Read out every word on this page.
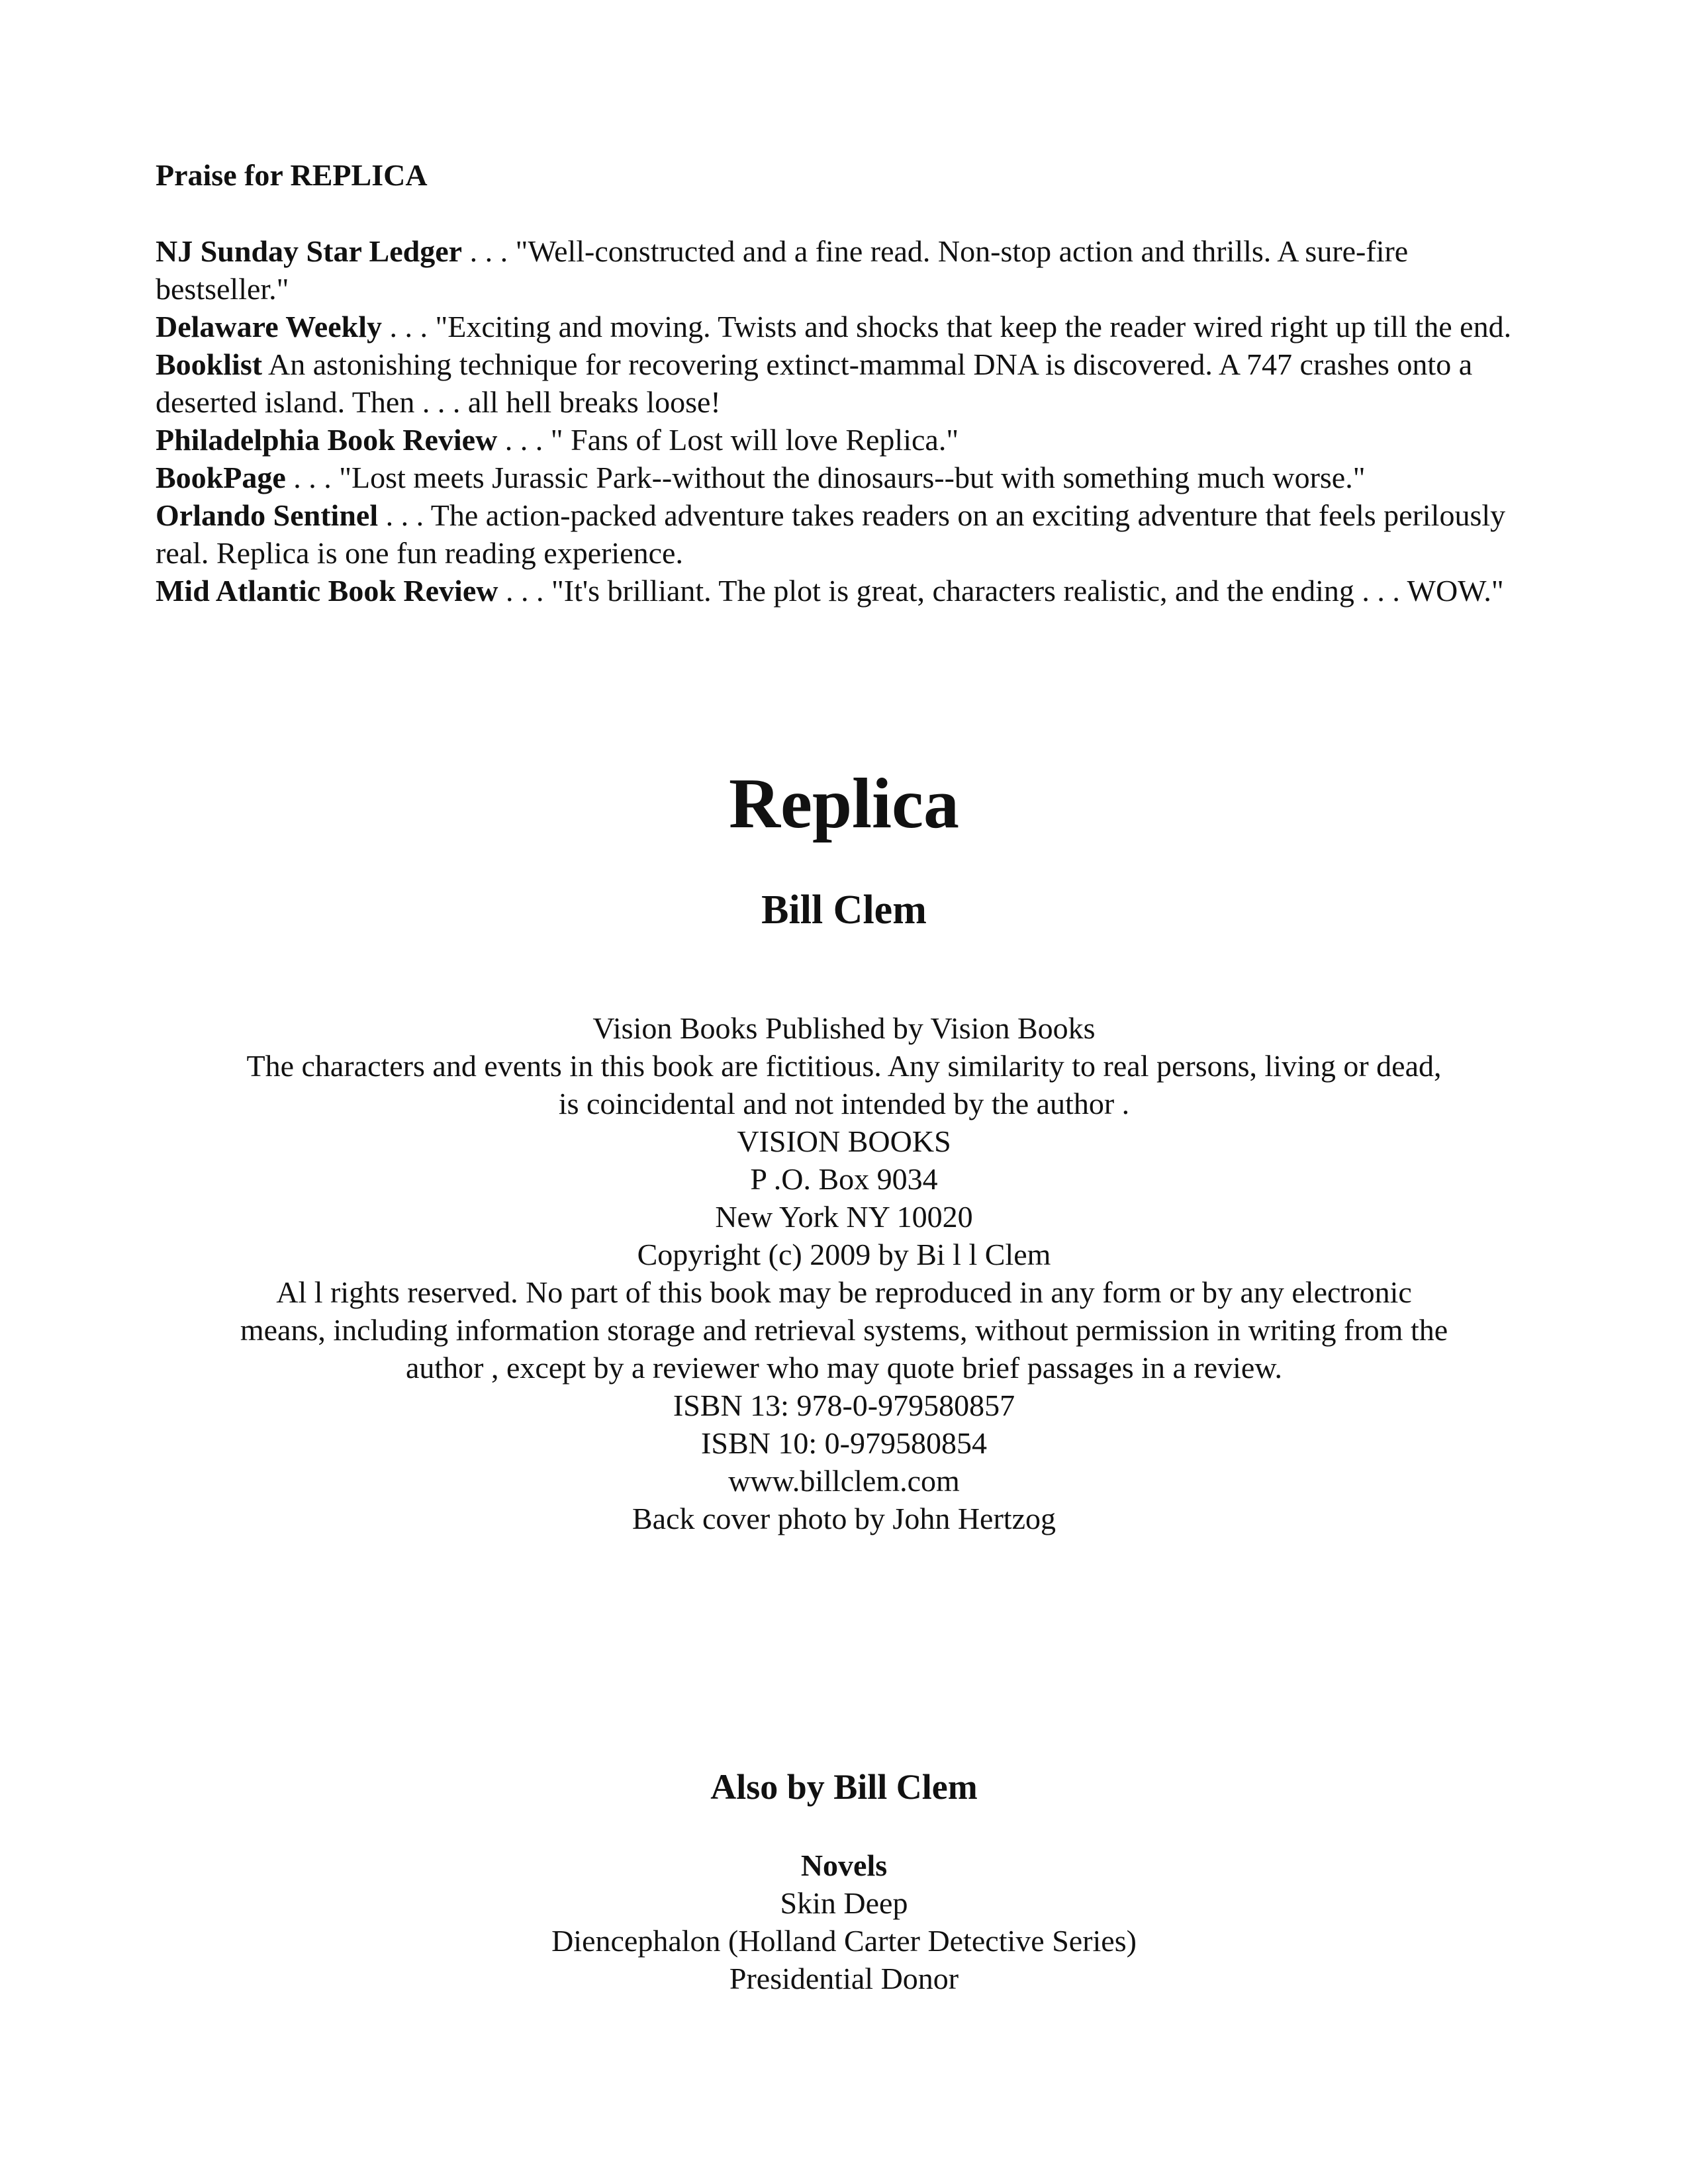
Praise for REPLICA

NJ Sunday Star Ledger . . . "Well-constructed and a fine read. Non-stop action and thrills. A sure-fire bestseller."

Delaware Weekly . . . "Exciting and moving. Twists and shocks that keep the reader wired right up till the end.

Booklist An astonishing technique for recovering extinct-mammal DNA is discovered. A 747 crashes onto a deserted island. Then . . . all hell breaks loose!

Philadelphia Book Review . . . " Fans of Lost will love Replica."

BookPage . . . "Lost meets Jurassic Park--without the dinosaurs--but with something much worse."

Orlando Sentinel . . . The action-packed adventure takes readers on an exciting adventure that feels perilously real. Replica is one fun reading experience.

Mid Atlantic Book Review . . . "It's brilliant. The plot is great, characters realistic, and the ending . . . WOW."

Replica
Bill Clem

Vision Books Published by Vision Books

The characters and events in this book are fictitious. Any similarity to real persons, living or dead, is coincidental and not intended by the author .

VISION BOOKS

P .O. Box 9034

New York NY 10020

Copyright (c) 2009 by Bi l l Clem

Al l rights reserved. No part of this book may be reproduced in any form or by any electronic means, including information storage and retrieval systems, without permission in writing from the author , except by a reviewer who may quote brief passages in a review.

ISBN 13: 978-0-979580857

ISBN 10: 0-979580854

www.billclem.com

Back cover photo by John Hertzog

Also by Bill Clem

Novels

Skin Deep

Diencephalon (Holland Carter Detective Series)

Presidential Donor
